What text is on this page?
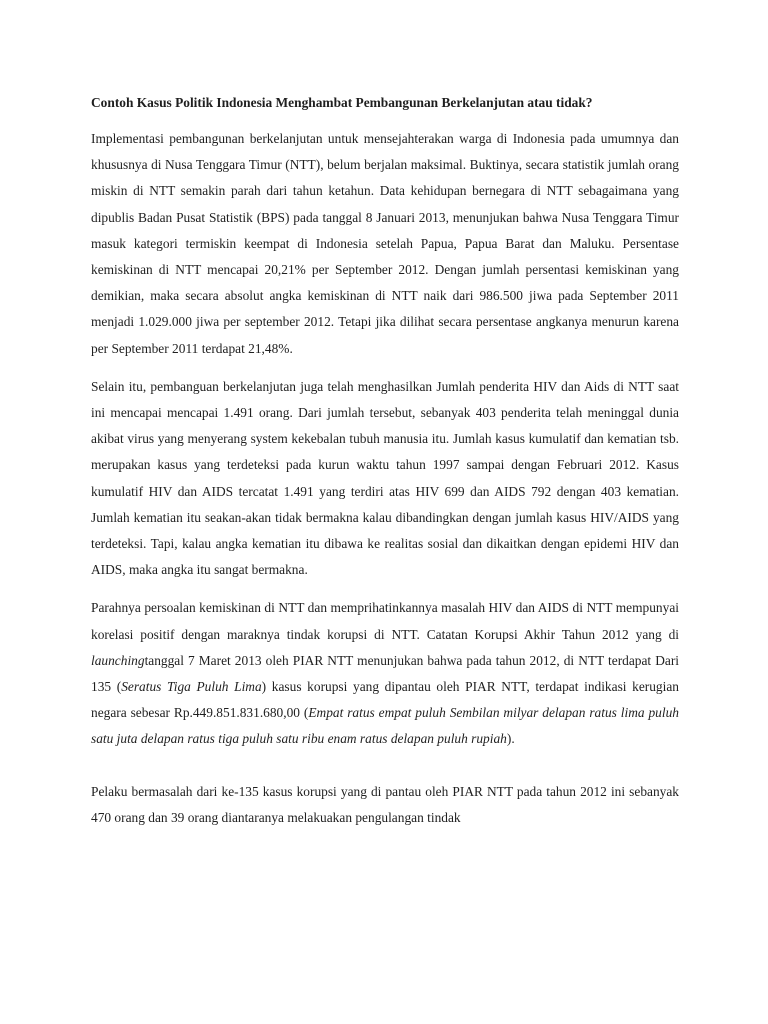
Contoh Kasus Politik Indonesia Menghambat Pembangunan Berkelanjutan atau tidak?

Implementasi pembangunan berkelanjutan untuk mensejahterakan warga di Indonesia pada umumnya dan khususnya di Nusa Tenggara Timur (NTT), belum berjalan maksimal. Buktinya, secara statistik jumlah orang miskin di NTT semakin parah dari tahun ketahun. Data kehidupan bernegara di NTT sebagaimana yang dipublis Badan Pusat Statistik (BPS) pada tanggal 8 Januari 2013, menunjukan bahwa Nusa Tenggara Timur masuk kategori termiskin keempat di Indonesia setelah Papua, Papua Barat dan Maluku. Persentase kemiskinan di NTT mencapai 20,21% per September 2012. Dengan jumlah persentasi kemiskinan yang demikian, maka secara absolut angka kemiskinan di NTT naik dari 986.500 jiwa pada September 2011 menjadi 1.029.000 jiwa per september 2012. Tetapi jika dilihat secara persentase angkanya menurun karena per September 2011 terdapat 21,48%.

Selain itu, pembanguan berkelanjutan juga telah menghasilkan Jumlah penderita HIV dan Aids di NTT saat ini mencapai mencapai 1.491 orang. Dari jumlah tersebut, sebanyak 403 penderita telah meninggal dunia akibat virus yang menyerang system kekebalan tubuh manusia itu. Jumlah kasus kumulatif dan kematian tsb. merupakan kasus yang terdeteksi pada kurun waktu tahun 1997 sampai dengan Februari 2012. Kasus kumulatif HIV dan AIDS tercatat 1.491 yang terdiri atas HIV 699 dan AIDS 792 dengan 403 kematian. Jumlah kematian itu seakan-akan tidak bermakna kalau dibandingkan dengan jumlah kasus HIV/AIDS yang terdeteksi. Tapi, kalau angka kematian itu dibawa ke realitas sosial dan dikaitkan dengan epidemi HIV dan AIDS, maka angka itu sangat bermakna.

Parahnya persoalan kemiskinan di NTT dan memprihatinkannya masalah HIV dan AIDS di NTT mempunyai korelasi positif dengan maraknya tindak korupsi di NTT. Catatan Korupsi Akhir Tahun 2012 yang di launchingtanggal 7 Maret 2013 oleh PIAR NTT menunjukan bahwa pada tahun 2012, di NTT terdapat Dari 135 (Seratus Tiga Puluh Lima) kasus korupsi yang dipantau oleh PIAR NTT, terdapat indikasi kerugian negara sebesar Rp.449.851.831.680,00 (Empat ratus empat puluh Sembilan milyar delapan ratus lima puluh satu juta delapan ratus tiga puluh satu ribu enam ratus delapan puluh rupiah).

Pelaku bermasalah dari ke-135 kasus korupsi yang di pantau oleh PIAR NTT pada tahun 2012 ini sebanyak 470 orang dan 39 orang diantaranya melakuakan pengulangan tindak
